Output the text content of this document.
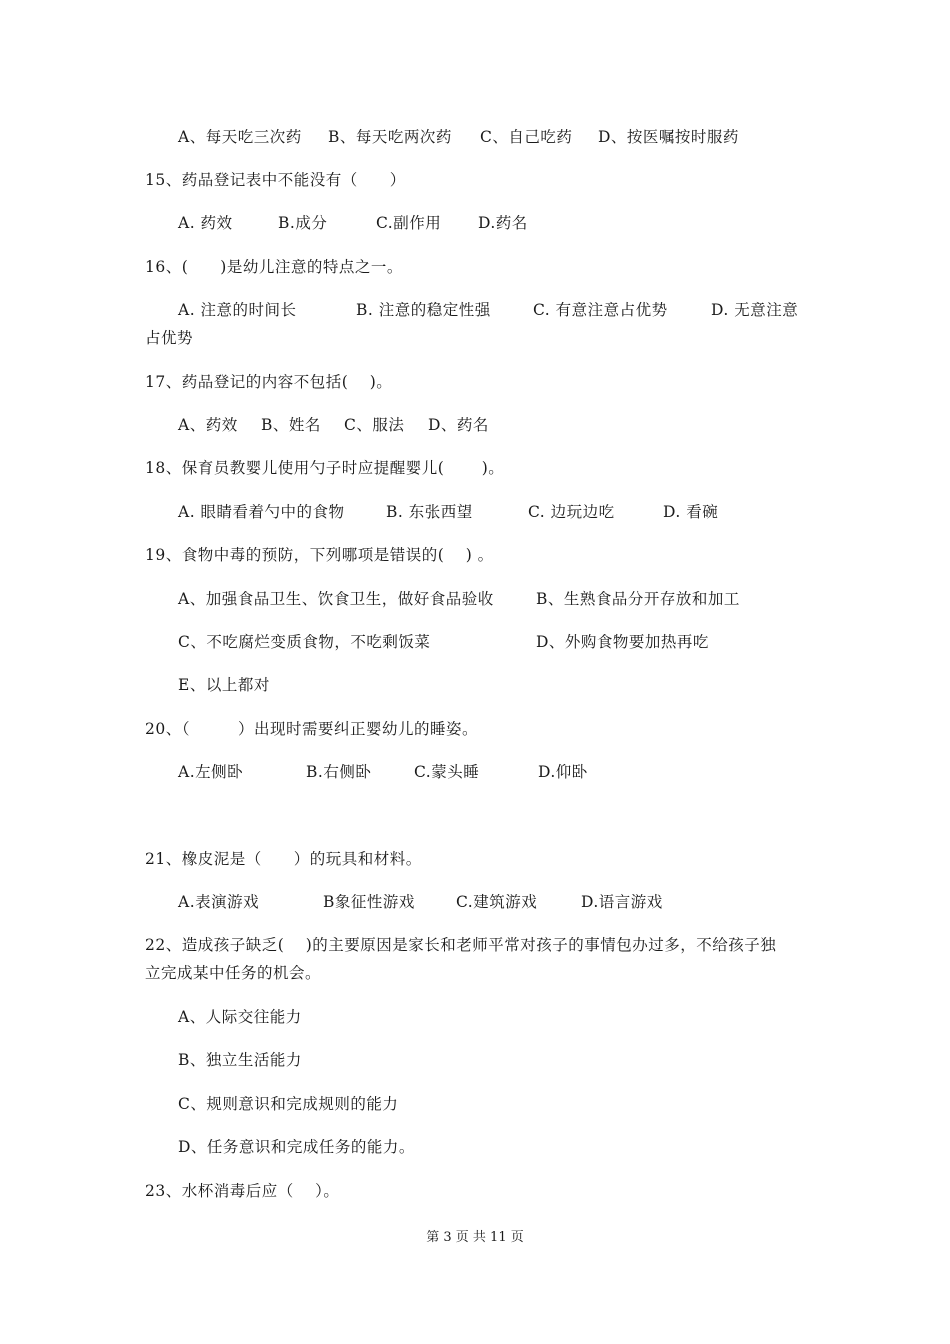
A、每天吃三次药 B、每天吃两次药 C、自己吃药 D、按医嘱按时服药
15、药品登记表中不能没有（　　）
A. 药效	B.成分	C.副作用 D.药名
16、(　　)是幼儿注意的特点之一。
A. 注意的时间长	B. 注意的稳定性强	C. 有意注意占优势	D. 无意注意
占优势
17、药品登记的内容不包括(　 )。
A、药效 B、姓名 C、服法 D、药名
18、保育员教婴儿使用勺子时应提醒婴儿(　 　)。
A. 眼睛看着勺中的食物	B. 东张西望	C. 边玩边吃	D. 看碗
19、食物中毒的预防，下列哪项是错误的(　 ) 。
A、加强食品卫生、饮食卫生，做好食品验收	B、生熟食品分开存放和加工
C、不吃腐烂变质食物，不吃剩饭菜	D、外购食物要加热再吃
E、以上都对
20、（　　　）出现时需要纠正婴幼儿的睡姿。
A.左侧卧	B.右侧卧	C.蒙头睡	D.仰卧
21、橡皮泥是（　　）的玩具和材料。
A.表演游戏	B象征性游戏	C.建筑游戏	D.语言游戏
22、造成孩子缺乏(　 )的主要原因是家长和老师平常对孩子的事情包办过多，不给孩子独
立完成某中任务的机会。
A、人际交往能力
B、独立生活能力
C、规则意识和完成规则的能力
D、任务意识和完成任务的能力。
23、水杯消毒后应（　 ）。
第 3 页 共 11 页
